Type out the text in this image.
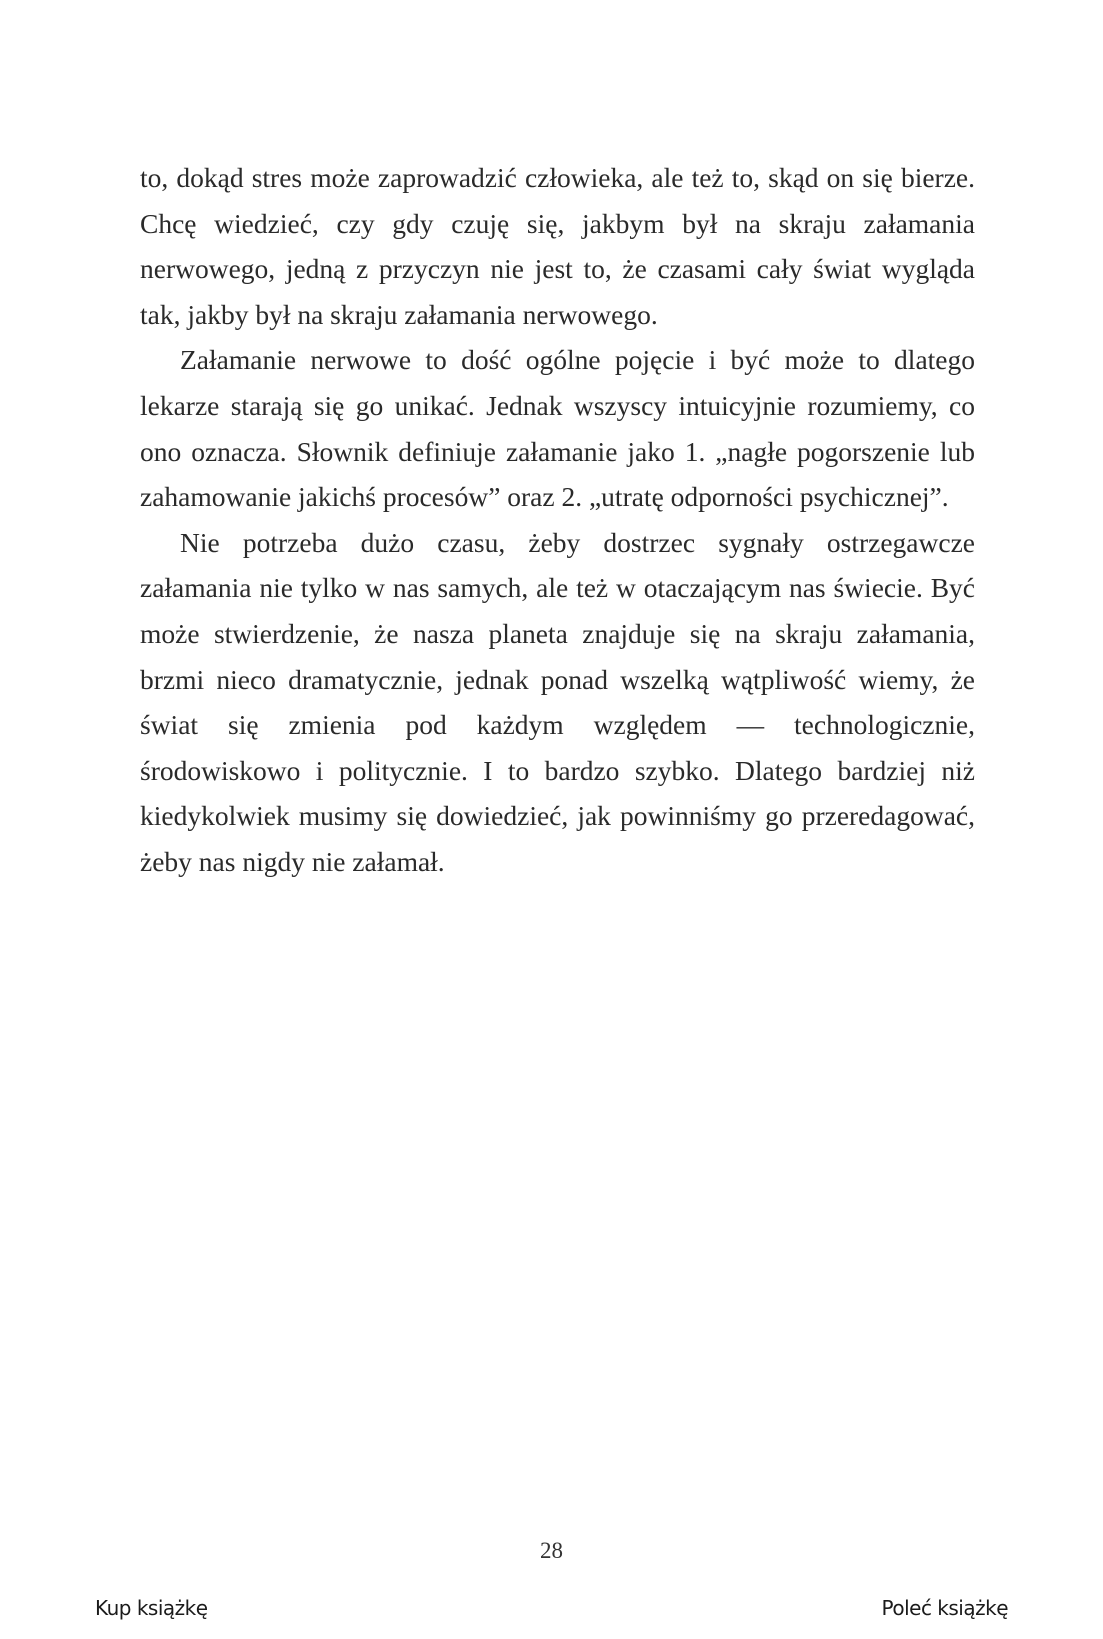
to, dokąd stres może zaprowadzić człowieka, ale też to, skąd on się bierze. Chcę wiedzieć, czy gdy czuję się, jakbym był na skraju załamania nerwowego, jedną z przyczyn nie jest to, że czasami cały świat wygląda tak, jakby był na skraju załamania nerwowego.

Załamanie nerwowe to dość ogólne pojęcie i być może to dlatego lekarze starają się go unikać. Jednak wszyscy intuicyjnie rozumiemy, co ono oznacza. Słownik definiuje załamanie jako 1. „nagłe pogorszenie lub zahamowanie jakichś procesów” oraz 2. „utratę odporności psychicznej”.

Nie potrzeba dużo czasu, żeby dostrzec sygnały ostrzegawcze załamania nie tylko w nas samych, ale też w otaczającym nas świecie. Być może stwierdzenie, że nasza planeta znajduje się na skraju załamania, brzmi nieco dramatycznie, jednak ponad wszelką wątpliwość wiemy, że świat się zmienia pod każdym względem — technologicznie, środowiskowo i politycznie. I to bardzo szybko. Dlatego bardziej niż kiedykolwiek musimy się dowiedzieć, jak powinniśmy go przeredagować, żeby nas nigdy nie załamał.

28
Kup książkę	Poleć książkę
